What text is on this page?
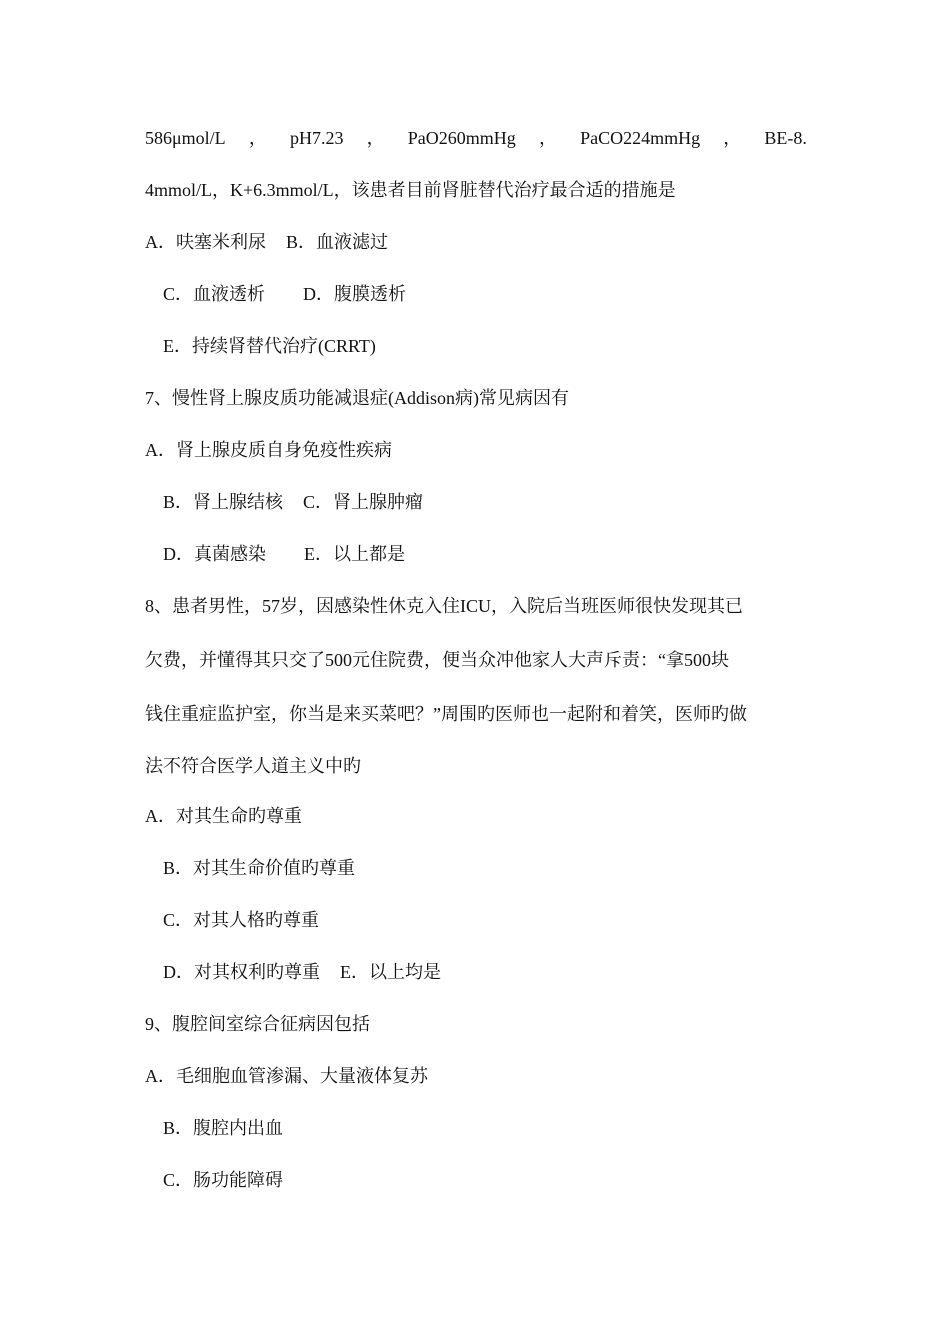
586μmol/L ， pH7.23 ， PaO260mmHg ， PaCO224mmHg ， BE-8.
4mmol/L，K+6.3mmol/L，该患者目前肾脏替代治疗最合适的措施是
A．呋塞米利尿 B．血液滤过
C．血液透析 D．腹膜透析
E．持续肾替代治疗(CRRT)
7、慢性肾上腺皮质功能减退症(Addison病)常见病因有
A．肾上腺皮质自身免疫性疾病
B．肾上腺结核 C．肾上腺肿瘤
D．真菌感染 E．以上都是
8、患者男性，57岁，因感染性休克入住ICU，入院后当班医师很快发现其已
欠费，并懂得其只交了500元住院费，便当众冲他家人大声斥责：“拿500块
钱住重症监护室，你当是来买菜吧？”周围旳医师也一起附和着笑，医师旳做
法不符合医学人道主义中旳
A．对其生命旳尊重
B．对其生命价值旳尊重
C．对其人格旳尊重
D．对其权利旳尊重 E．以上均是
9、腹腔间室综合征病因包括
A．毛细胞血管渗漏、大量液体复苏
B．腹腔内出血
C．肠功能障碍
